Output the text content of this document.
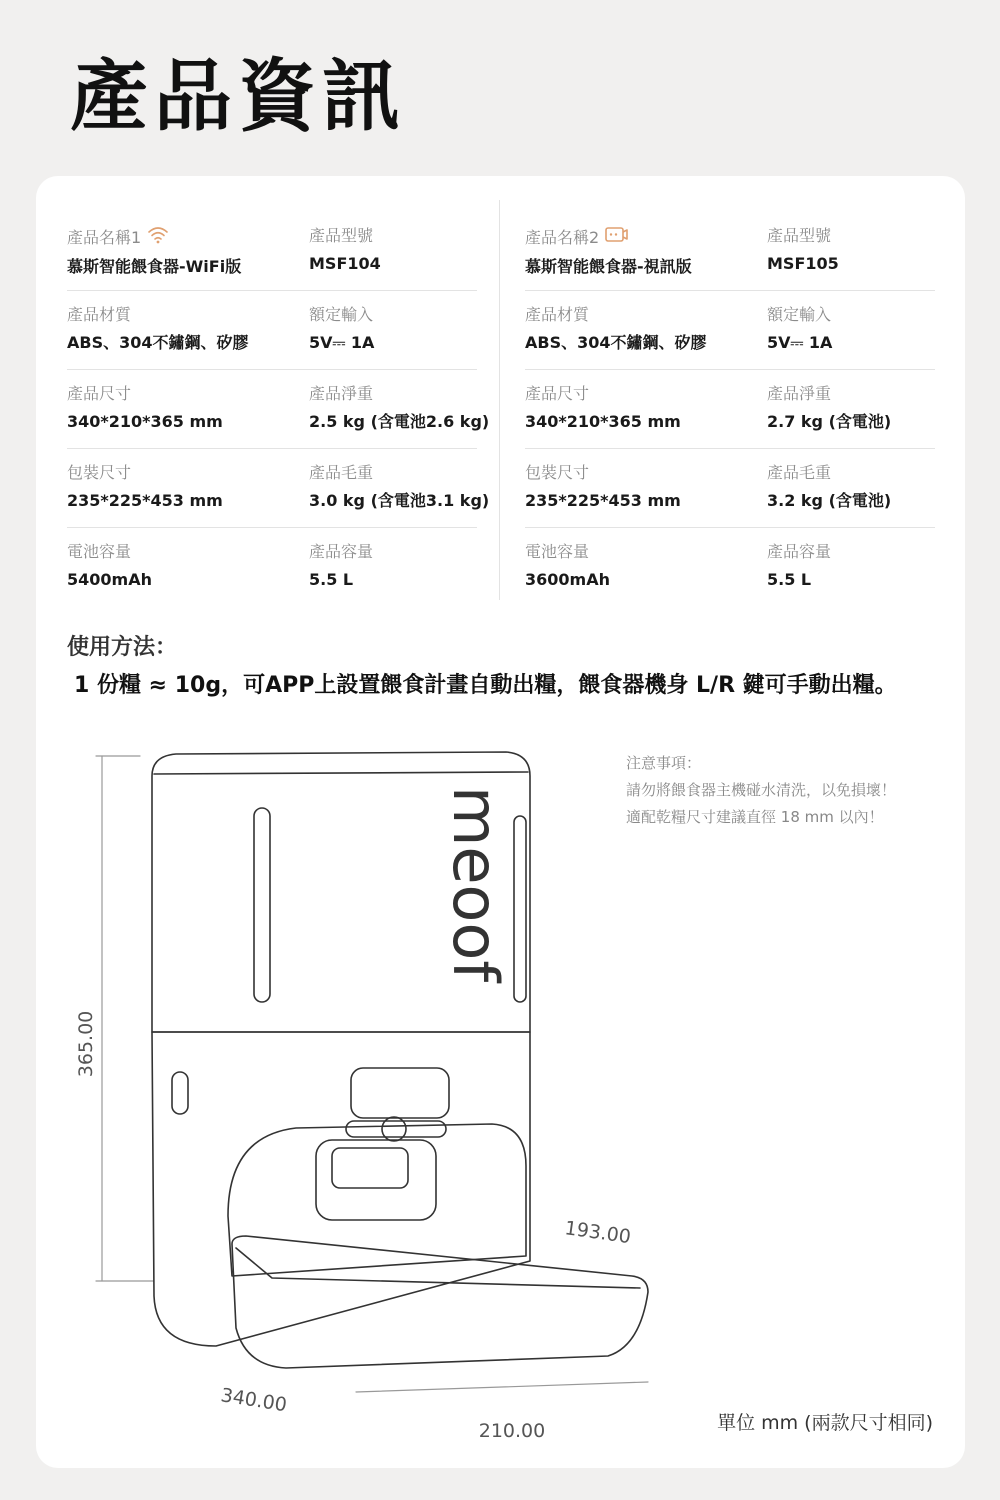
產品資訊
產品名稱1
慕斯智能餵食器-WiFi版
產品型號
MSF104
產品材質
ABS、304不鏽鋼、矽膠
額定輸入
5V⎓ 1A
產品尺寸
340*210*365 mm
產品淨重
2.5 kg (含電池2.6 kg)
包裝尺寸
235*225*453 mm
產品毛重
3.0 kg (含電池3.1 kg)
電池容量
5400mAh
產品容量
5.5 L
產品名稱2
慕斯智能餵食器-視訊版
產品型號
MSF105
產品材質
ABS、304不鏽鋼、矽膠
額定輸入
5V⎓ 1A
產品尺寸
340*210*365 mm
產品淨重
2.7 kg (含電池)
包裝尺寸
235*225*453 mm
產品毛重
3.2 kg (含電池)
電池容量
3600mAh
產品容量
5.5 L
使用方法：
1 份糧 ≈ 10g，可APP上設置餵食計畫自動出糧，餵食器機身 L/R 鍵可手動出糧。
meoof
365.00
340.00
193.00
210.00
注意事項：
請勿將餵食器主機碰水清洗，以免損壞！
適配乾糧尺寸建議直徑 18 mm 以內！
單位 mm (兩款尺寸相同)
